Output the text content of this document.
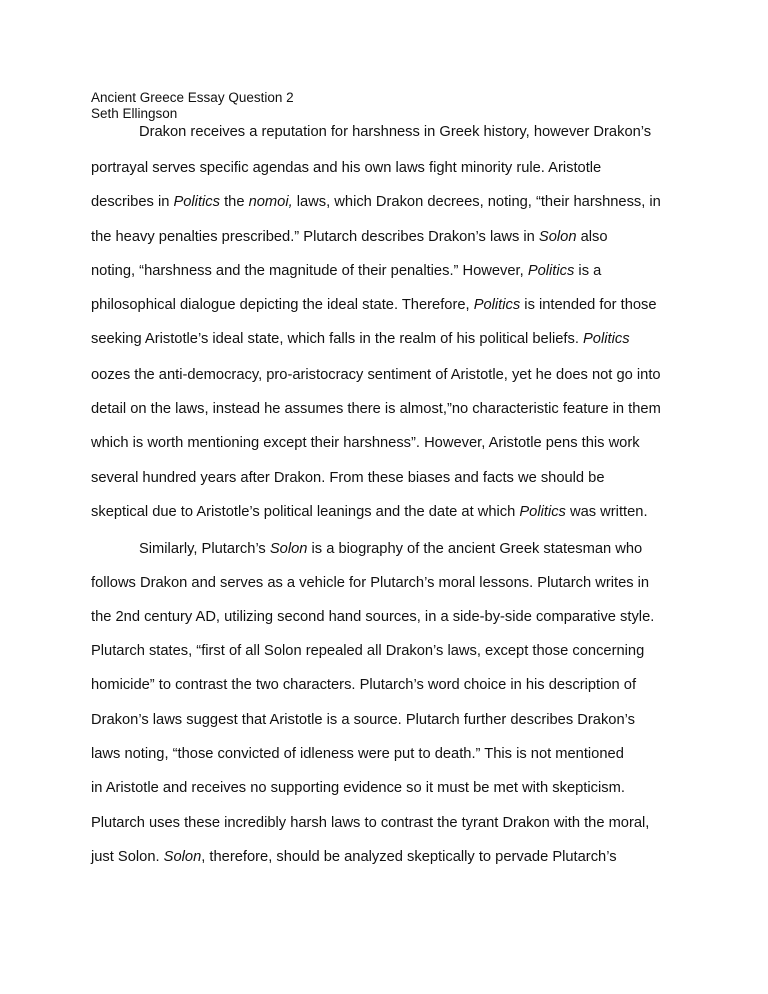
Ancient Greece Essay Question 2
Seth Ellingson
Drakon receives a reputation for harshness in Greek history, however Drakon’s
portrayal serves specific agendas and his own laws fight minority rule. Aristotle
describes in Politics the nomoi, laws, which Drakon decrees, noting, “their harshness, in
the heavy penalties prescribed.” Plutarch describes Drakon’s laws in Solon also
noting, “harshness and the magnitude of their penalties.” However, Politics is a
philosophical dialogue depicting the ideal state. Therefore, Politics is intended for those
seeking Aristotle’s ideal state, which falls in the realm of his political beliefs. Politics
oozes the anti-democracy, pro-aristocracy sentiment of Aristotle, yet he does not go into
detail on the laws, instead he assumes there is almost,”no characteristic feature in them
which is worth mentioning except their harshness”. However, Aristotle pens this work
several hundred years after Drakon. From these biases and facts we should be
skeptical due to Aristotle’s political leanings and the date at which Politics was written.
Similarly, Plutarch’s Solon is a biography of the ancient Greek statesman who
follows Drakon and serves as a vehicle for Plutarch’s moral lessons. Plutarch writes in
the 2nd century AD, utilizing second hand sources, in a side-by-side comparative style.
Plutarch states, “first of all Solon repealed all Drakon’s laws, except those concerning
homicide” to contrast the two characters. Plutarch’s word choice in his description of
Drakon’s laws suggest that Aristotle is a source. Plutarch further describes Drakon’s
laws noting, “those convicted of idleness were put to death.” This is not mentioned
in Aristotle and receives no supporting evidence so it must be met with skepticism.
Plutarch uses these incredibly harsh laws to contrast the tyrant Drakon with the moral,
just Solon. Solon, therefore, should be analyzed skeptically to pervade Plutarch’s
